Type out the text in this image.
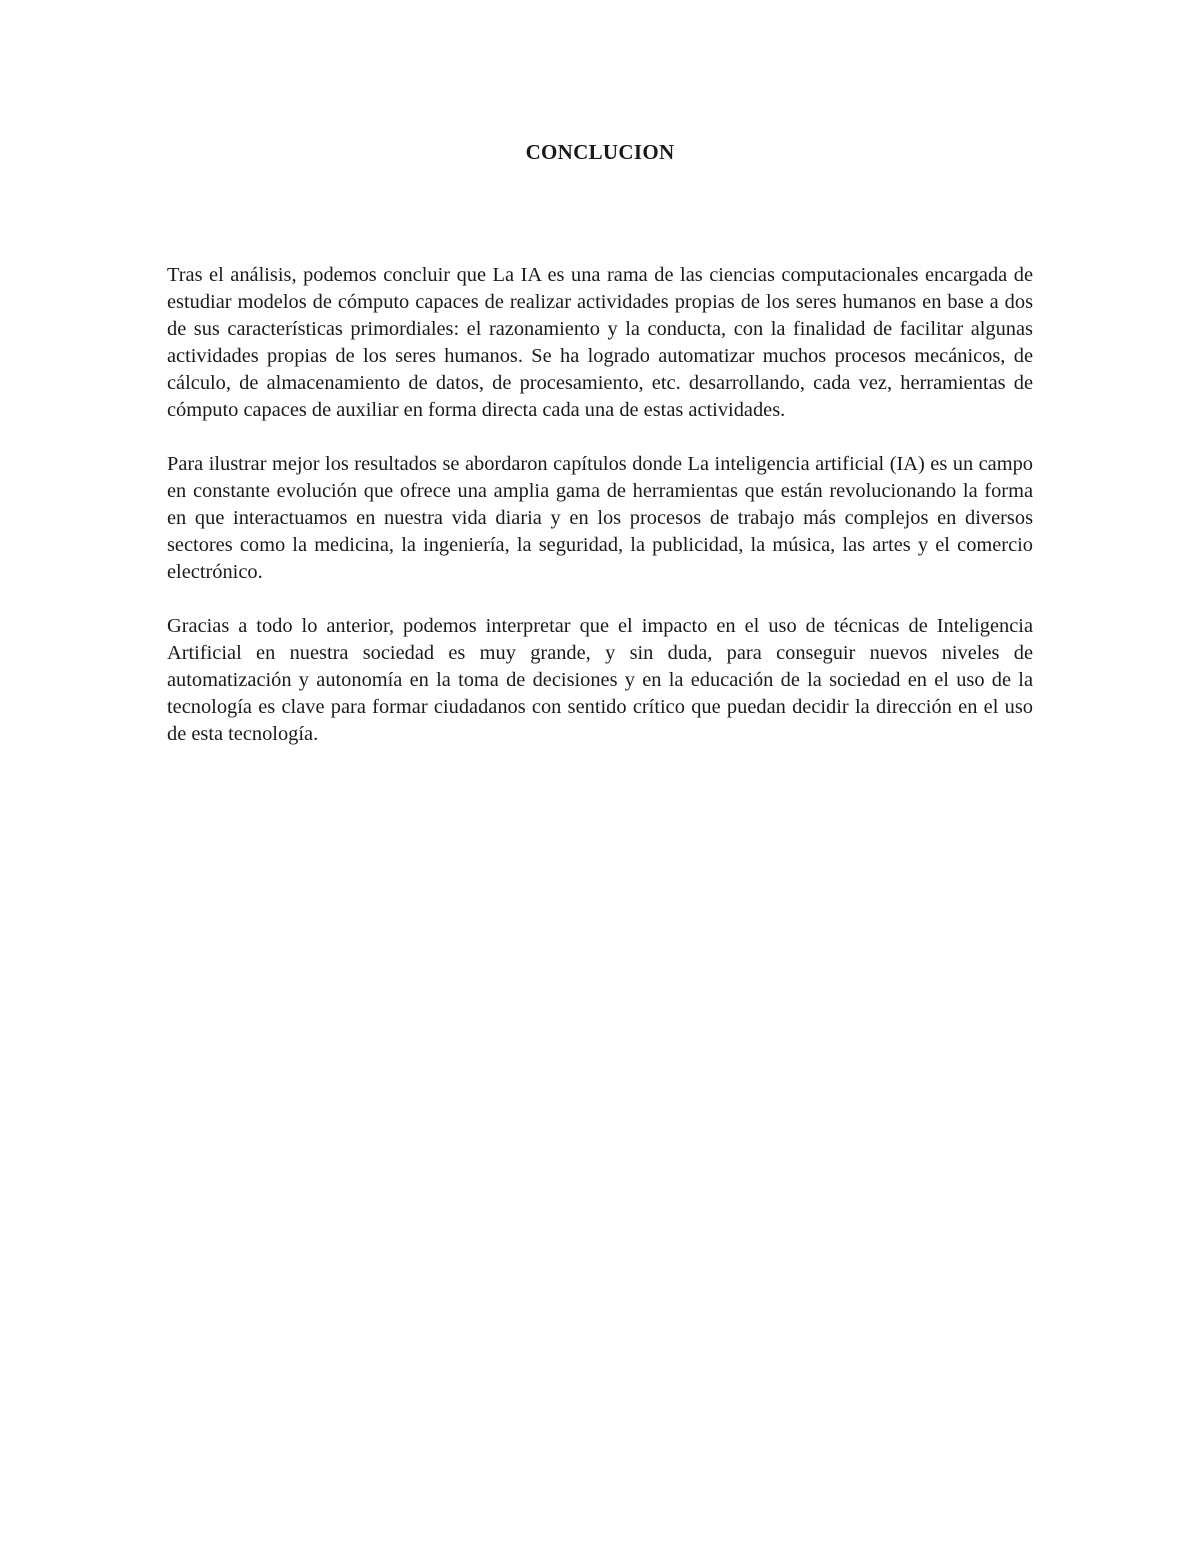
CONCLUCION

Tras el análisis, podemos concluir que La IA es una rama de las ciencias computacionales encargada de estudiar modelos de cómputo capaces de realizar actividades propias de los seres humanos en base a dos de sus características primordiales: el razonamiento y la conducta, con la finalidad de facilitar algunas actividades propias de los seres humanos. Se ha logrado automatizar muchos procesos mecánicos, de cálculo, de almacenamiento de datos, de procesamiento, etc. desarrollando, cada vez, herramientas de cómputo capaces de auxiliar en forma directa cada una de estas actividades.

Para ilustrar mejor los resultados se abordaron capítulos donde La inteligencia artificial (IA) es un campo en constante evolución que ofrece una amplia gama de herramientas que están revolucionando la forma en que interactuamos en nuestra vida diaria y en los procesos de trabajo más complejos en diversos sectores como la medicina, la ingeniería, la seguridad, la publicidad, la música, las artes y el comercio electrónico.

Gracias a todo lo anterior, podemos interpretar que el impacto en el uso de técnicas de Inteligencia Artificial en nuestra sociedad es muy grande, y sin duda, para conseguir nuevos niveles de automatización y autonomía en la toma de decisiones y en la educación de la sociedad en el uso de la tecnología es clave para formar ciudadanos con sentido crítico que puedan decidir la dirección en el uso de esta tecnología.
